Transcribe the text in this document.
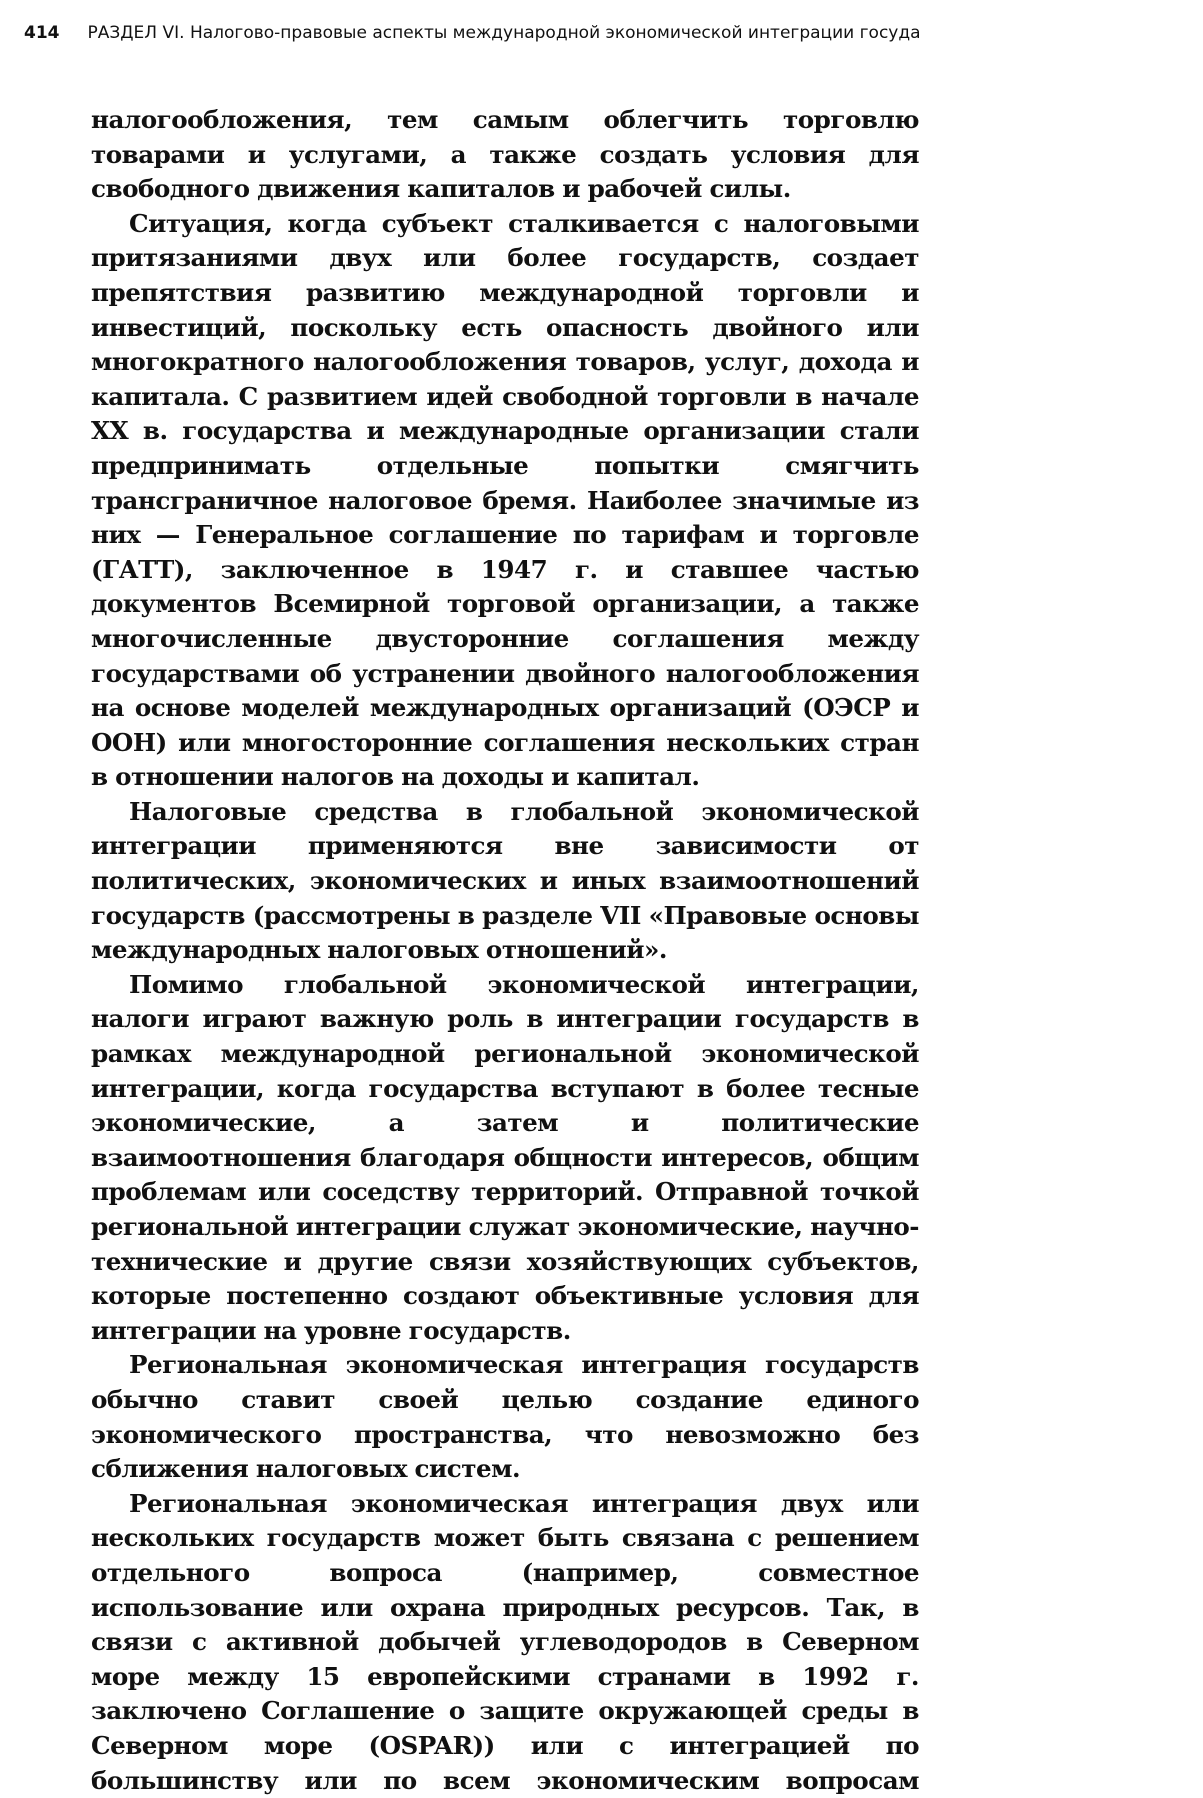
414 РАЗДЕЛ VI. Налогово-правовые аспекты международной экономической интеграции госуда

налогообложения, тем самым облегчить торговлю товарами и услугами, а также создать условия для свободного движения капиталов и рабочей силы.

Ситуация, когда субъект сталкивается с налоговыми притязаниями двух или более государств, создает препятствия развитию международной торговли и инвестиций, поскольку есть опасность двойного или многократного налогообложения товаров, услуг, дохода и капитала. С развитием идей свободной торговли в начале XX в. государства и международные организации стали предпринимать отдельные попытки смягчить трансграничное налоговое бремя. Наиболее значимые из них — Генеральное соглашение по тарифам и торговле (ГАТТ), заключенное в 1947 г. и ставшее частью документов Всемирной торговой организации, а также многочисленные двусторонние соглашения между государствами об устранении двойного налогообложения на основе моделей международных организаций (ОЭСР и ООН) или многосторонние соглашения нескольких стран в отношении налогов на доходы и капитал.

Налоговые средства в глобальной экономической интеграции применяются вне зависимости от политических, экономических и иных взаимоотношений государств (рассмотрены в разделе VII «Правовые основы международных налоговых отношений».

Помимо глобальной экономической интеграции, налоги играют важную роль в интеграции государств в рамках международной региональной экономической интеграции, когда государства вступают в более тесные экономические, а затем и политические взаимоотношения благодаря общности интересов, общим проблемам или соседству территорий. Отправной точкой региональной интеграции служат экономические, научно-технические и другие связи хозяйствующих субъектов, которые постепенно создают объективные условия для интеграции на уровне государств.

Региональная экономическая интеграция государств обычно ставит своей целью создание единого экономического пространства, что невозможно без сближения налоговых систем.

Региональная экономическая интеграция двух или нескольких государств может быть связана с решением отдельного вопроса (например, совместное использование или охрана природных ресурсов. Так, в связи с активной добычей углеводородов в Северном море между 15 европейскими странами в 1992 г. заключено Соглашение о защите окружающей среды в Северном море (OSPAR)) или с интеграцией по большинству или по всем экономическим вопросам
